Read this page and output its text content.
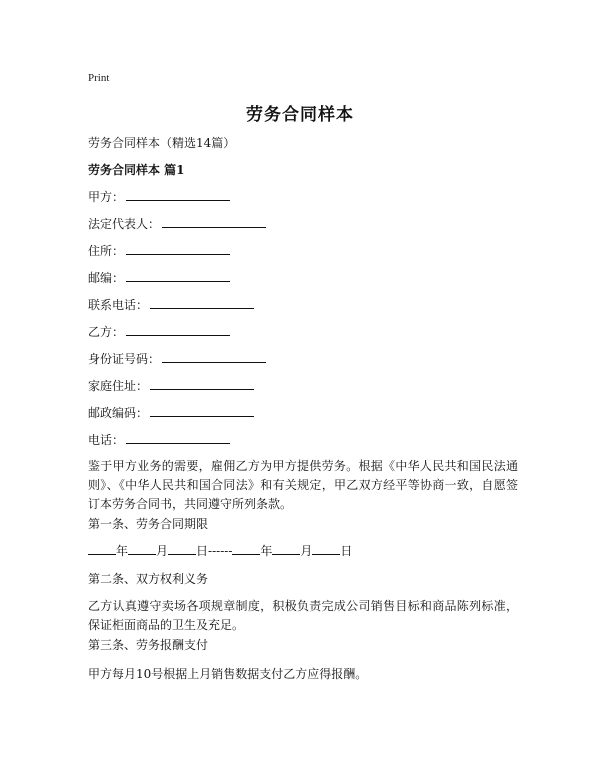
Print
劳务合同样本
劳务合同样本（精选14篇）
劳务合同样本 篇1
甲方：
法定代表人：
住所：
邮编：
联系电话：
乙方：
身份证号码：
家庭住址：
邮政编码：
电话：
鉴于甲方业务的需要，雇佣乙方为甲方提供劳务。根据《中华人民共和国民法通则》、《中华人民共和国合同法》和有关规定，甲乙双方经平等协商一致，自愿签订本劳务合同书，共同遵守所列条款。
第一条、劳务合同期限
年 月 日------ 年 月 日
第二条、双方权利义务
乙方认真遵守卖场各项规章制度，积极负责完成公司销售目标和商品陈列标准，保证柜面商品的卫生及充足。
第三条、劳务报酬支付
甲方每月10号根据上月销售数据支付乙方应得报酬。
